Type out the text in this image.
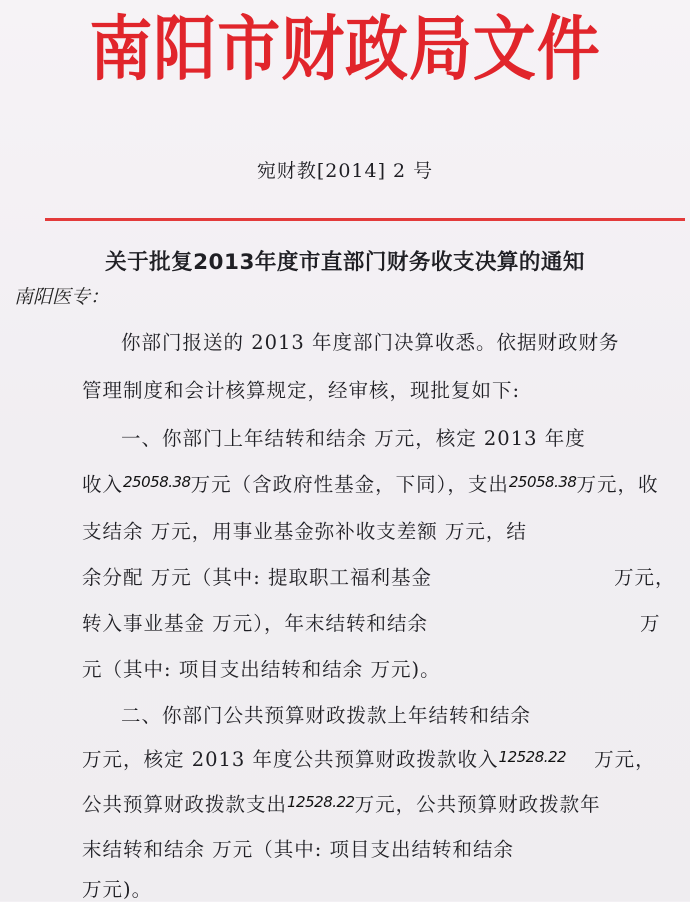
南阳市财政局文件
宛财教[2014] 2 号
关于批复2013年度市直部门财务收支决算的通知
南阳医专：
你部门报送的 2013 年度部门决算收悉。依据财政财务
管理制度和会计核算规定，经审核，现批复如下:
一、你部门上年结转和结余 万元，核定 2013 年度
收入$^{25058.38}$万元（含政府性基金，下同），支出$^{25058.38}$万元，收
支结余 万元，用事业基金弥补收支差额 万元，结
余分配 万元（其中: 提取职工福利基金	万元，
转入事业基金 万元），年末结转和结余	万
元（其中: 项目支出结转和结余 万元)。
二、你部门公共预算财政拨款上年结转和结余
万元，核定 2013 年度公共预算财政拨款收入$^{12528.22}$ 万元，
公共预算财政拨款支出$^{12528.22}$万元，公共预算财政拨款年
末结转和结余 万元（其中: 项目支出结转和结余
万元)。
